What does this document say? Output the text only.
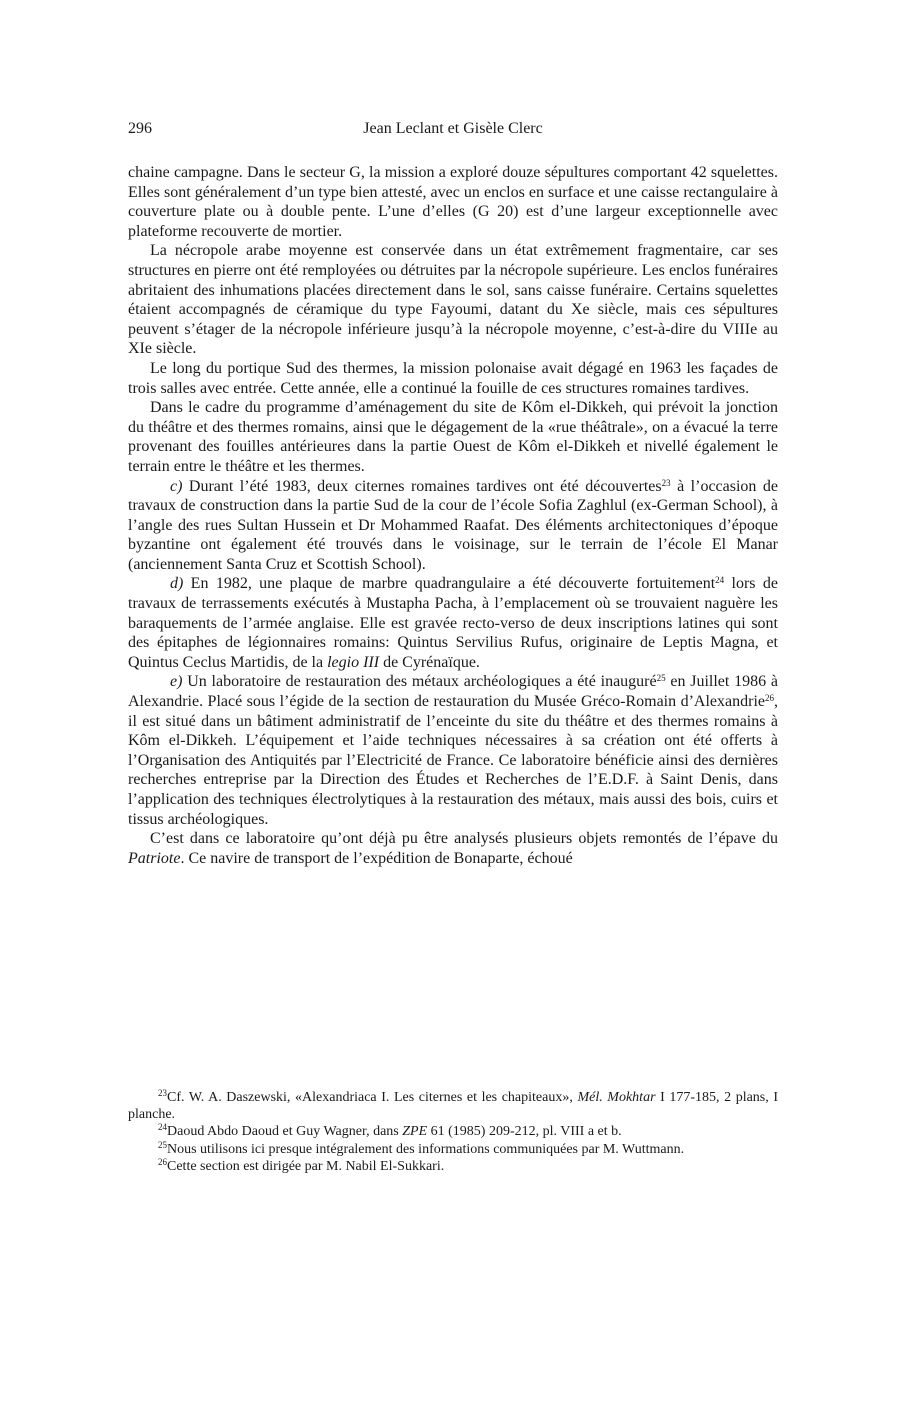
296	Jean Leclant et Gisèle Clerc

chaine campagne. Dans le secteur G, la mission a exploré douze sépultures comportant 42 squelettes. Elles sont généralement d’un type bien attesté, avec un enclos en surface et une caisse rectangulaire à couverture plate ou à double pente. L’une d’elles (G 20) est d’une largeur exceptionnelle avec plateforme recouverte de mortier.

La nécropole arabe moyenne est conservée dans un état extrêmement fragmentaire, car ses structures en pierre ont été remployées ou détruites par la nécropole supérieure. Les enclos funéraires abritaient des inhumations placées directement dans le sol, sans caisse funéraire. Certains squelettes étaient accompagnés de céramique du type Fayoumi, datant du Xe siècle, mais ces sépultures peuvent s’étager de la nécropole inférieure jusqu’à la nécropole moyenne, c’est-à-dire du VIIIe au XIe siècle.

Le long du portique Sud des thermes, la mission polonaise avait dégagé en 1963 les façades de trois salles avec entrée. Cette année, elle a continué la fouille de ces structures romaines tardives.

Dans le cadre du programme d’aménagement du site de Kôm el-Dikkeh, qui prévoit la jonction du théâtre et des thermes romains, ainsi que le dégagement de la «rue théâtrale», on a évacué la terre provenant des fouilles antérieures dans la partie Ouest de Kôm el-Dikkeh et nivellé également le terrain entre le théâtre et les thermes.

c) Durant l’été 1983, deux citernes romaines tardives ont été découvertes$^{23}$ à l’occasion de travaux de construction dans la partie Sud de la cour de l’école Sofia Zaghlul (ex-German School), à l’angle des rues Sultan Hussein et Dr Mohammed Raafat. Des éléments architectoniques d’époque byzantine ont également été trouvés dans le voisinage, sur le terrain de l’école El Manar (anciennement Santa Cruz et Scottish School).

d) En 1982, une plaque de marbre quadrangulaire a été découverte fortuitement$^{24}$ lors de travaux de terrassements exécutés à Mustapha Pacha, à l’emplacement où se trouvaient naguère les baraquements de l’armée anglaise. Elle est gravée recto-verso de deux inscriptions latines qui sont des épitaphes de légionnaires romains: Quintus Servilius Rufus, originaire de Leptis Magna, et Quintus Ceclus Martidis, de la legio III de Cyrénaïque.

e) Un laboratoire de restauration des métaux archéologiques a été inauguré$^{25}$ en Juillet 1986 à Alexandrie. Placé sous l’égide de la section de restauration du Musée Gréco-Romain d’Alexandrie$^{26}$, il est situé dans un bâtiment administratif de l’enceinte du site du théâtre et des thermes romains à Kôm el-Dikkeh. L’équipement et l’aide techniques nécessaires à sa création ont été offerts à l’Organisation des Antiquités par l’Electricité de France. Ce laboratoire bénéficie ainsi des dernières recherches entreprise par la Direction des Études et Recherches de l’E.D.F. à Saint Denis, dans l’application des techniques électrolytiques à la restauration des métaux, mais aussi des bois, cuirs et tissus archéologiques.

C’est dans ce laboratoire qu’ont déjà pu être analysés plusieurs objets remontés de l’épave du Patriote. Ce navire de transport de l’expédition de Bonaparte, échoué

$^{23}$Cf. W. A. Daszewski, «Alexandriaca I. Les citernes et les chapiteaux», Mél. Mokhtar I 177-185, 2 plans, I planche.

$^{24}$Daoud Abdo Daoud et Guy Wagner, dans ZPE 61 (1985) 209-212, pl. VIII a et b.

$^{25}$Nous utilisons ici presque intégralement des informations communiquées par M. Wuttmann.

$^{26}$Cette section est dirigée par M. Nabil El-Sukkari.
